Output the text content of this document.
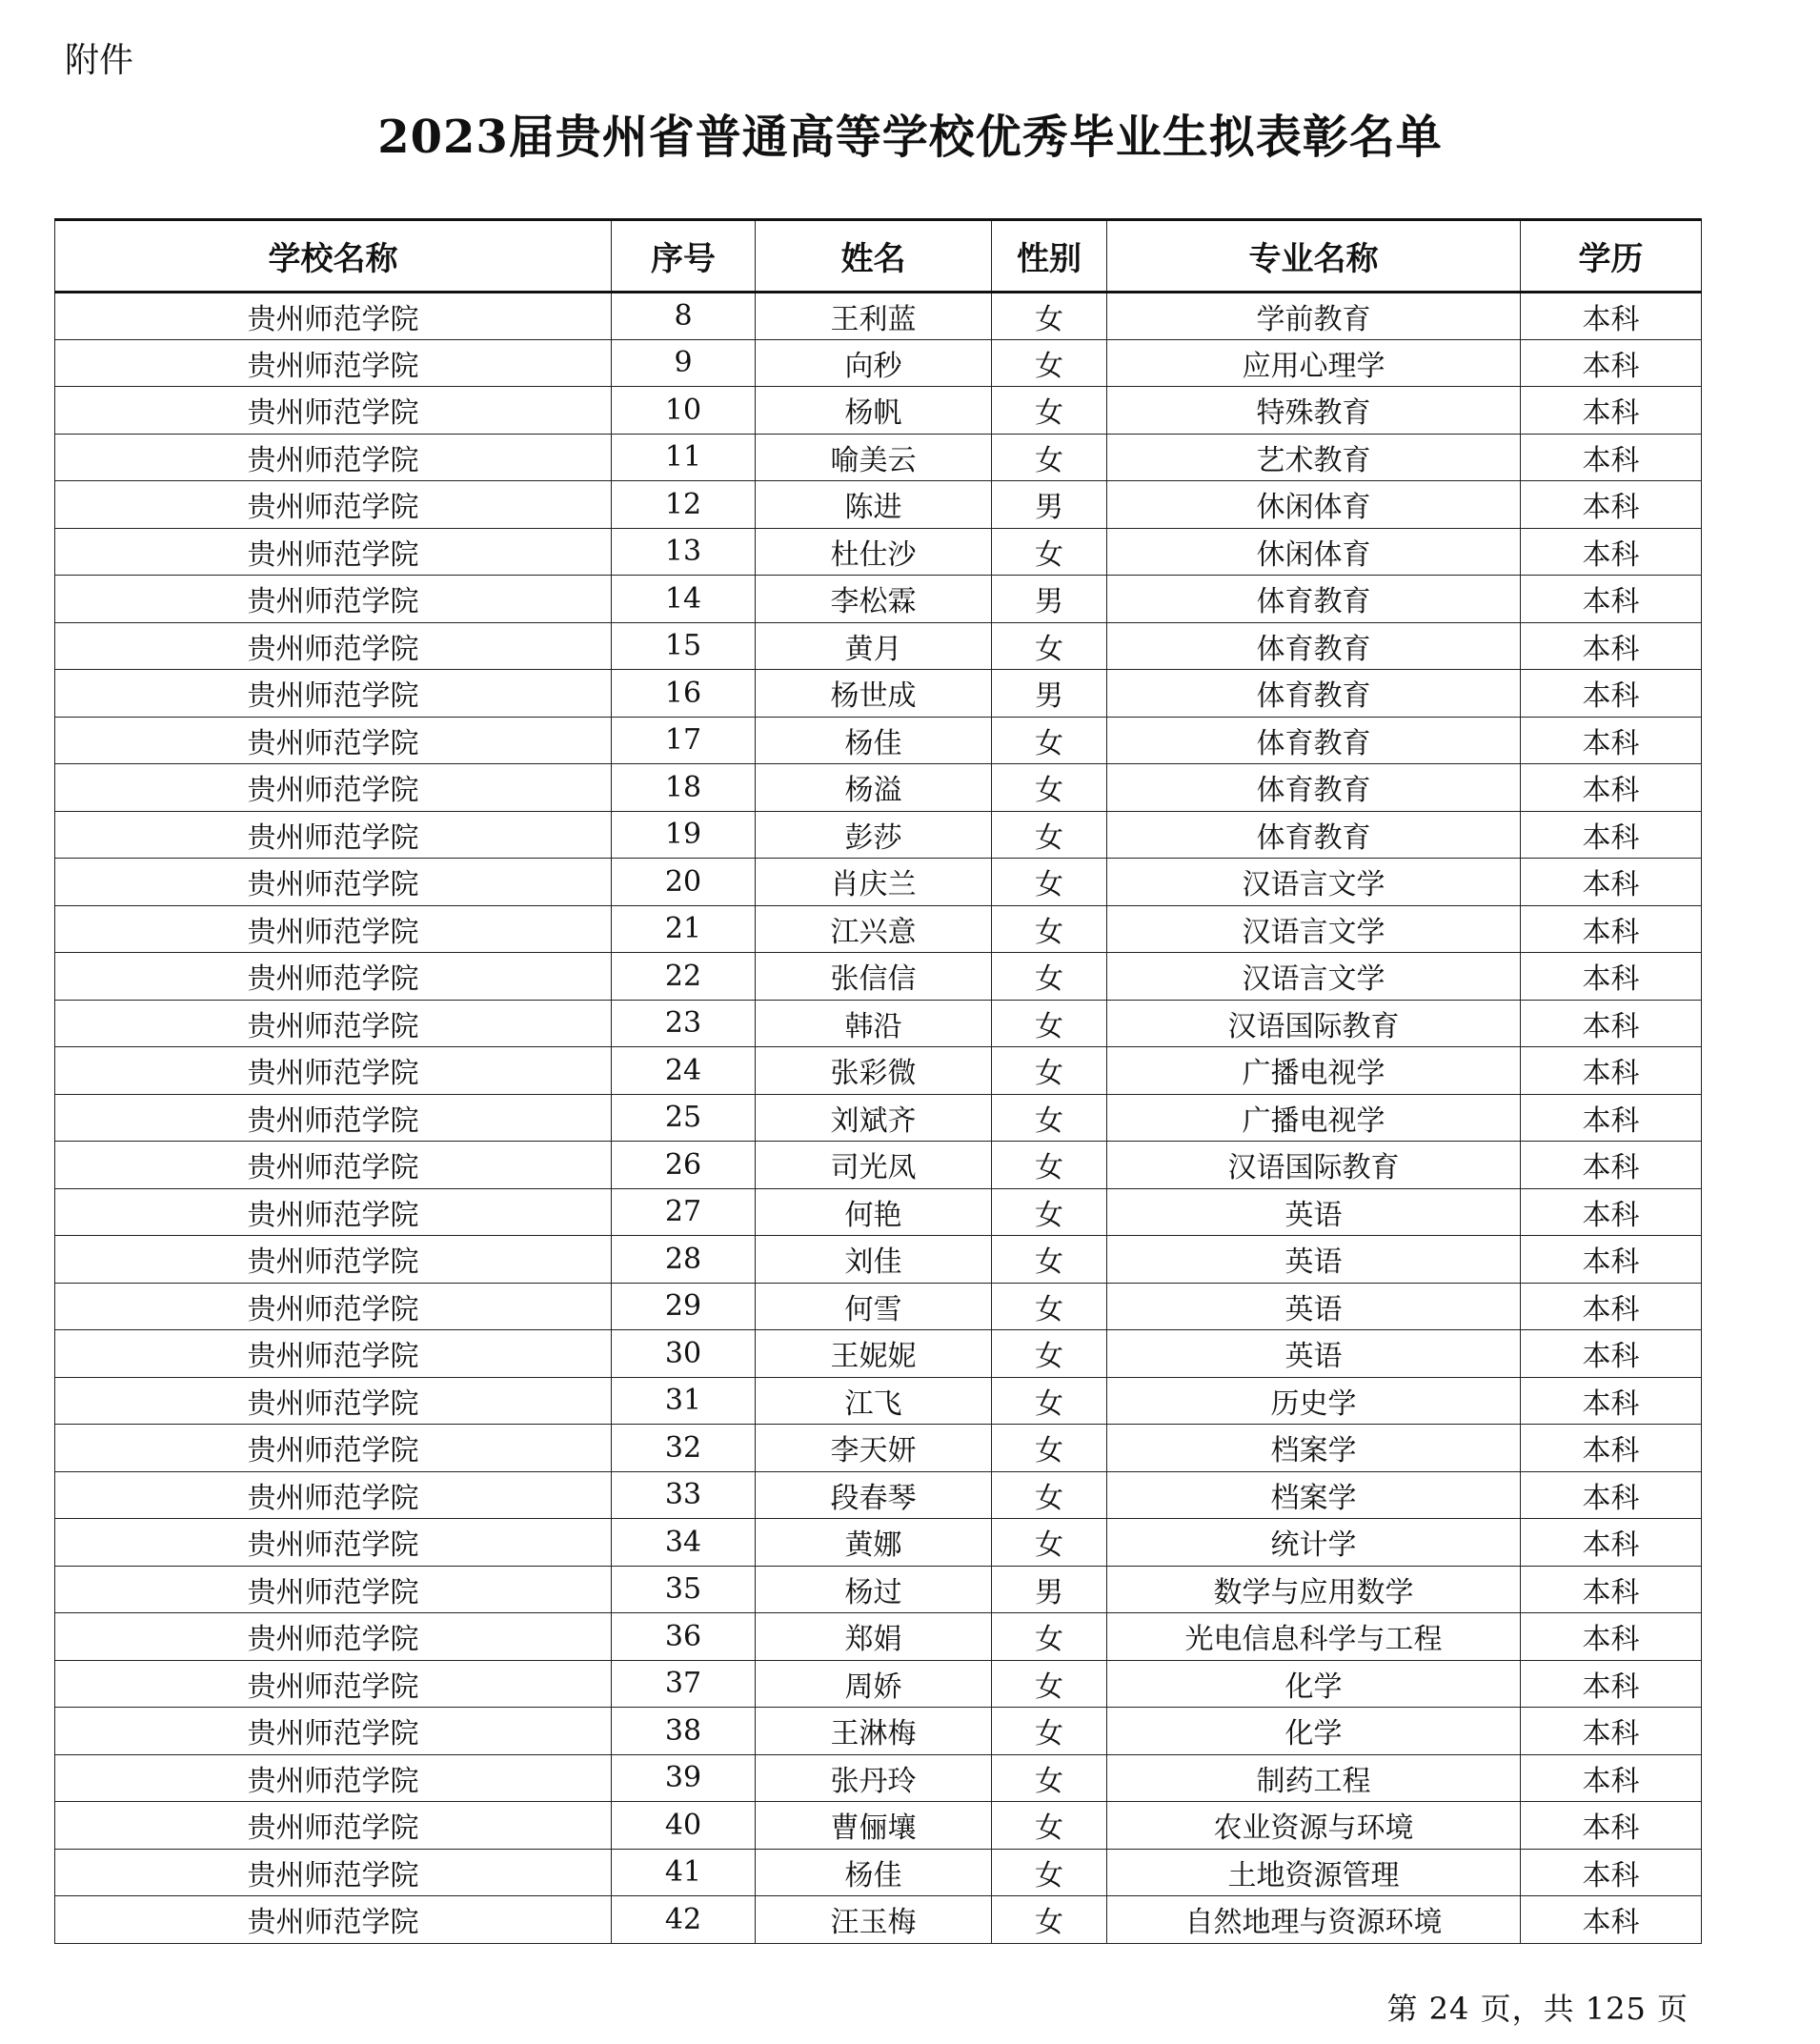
附件
2023届贵州省普通高等学校优秀毕业生拟表彰名单
学校名称	序号	姓名	性别	专业名称	学历
贵州师范学院	8	王利蓝	女	学前教育	本科
贵州师范学院	9	向秒	女	应用心理学	本科
贵州师范学院	10	杨帆	女	特殊教育	本科
贵州师范学院	11	喻美云	女	艺术教育	本科
贵州师范学院	12	陈进	男	休闲体育	本科
贵州师范学院	13	杜仕沙	女	休闲体育	本科
贵州师范学院	14	李松霖	男	体育教育	本科
贵州师范学院	15	黄月	女	体育教育	本科
贵州师范学院	16	杨世成	男	体育教育	本科
贵州师范学院	17	杨佳	女	体育教育	本科
贵州师范学院	18	杨溢	女	体育教育	本科
贵州师范学院	19	彭莎	女	体育教育	本科
贵州师范学院	20	肖庆兰	女	汉语言文学	本科
贵州师范学院	21	江兴意	女	汉语言文学	本科
贵州师范学院	22	张信信	女	汉语言文学	本科
贵州师范学院	23	韩沿	女	汉语国际教育	本科
贵州师范学院	24	张彩微	女	广播电视学	本科
贵州师范学院	25	刘斌齐	女	广播电视学	本科
贵州师范学院	26	司光凤	女	汉语国际教育	本科
贵州师范学院	27	何艳	女	英语	本科
贵州师范学院	28	刘佳	女	英语	本科
贵州师范学院	29	何雪	女	英语	本科
贵州师范学院	30	王妮妮	女	英语	本科
贵州师范学院	31	江飞	女	历史学	本科
贵州师范学院	32	李天妍	女	档案学	本科
贵州师范学院	33	段春琴	女	档案学	本科
贵州师范学院	34	黄娜	女	统计学	本科
贵州师范学院	35	杨过	男	数学与应用数学	本科
贵州师范学院	36	郑娟	女	光电信息科学与工程	本科
贵州师范学院	37	周娇	女	化学	本科
贵州师范学院	38	王淋梅	女	化学	本科
贵州师范学院	39	张丹玲	女	制药工程	本科
贵州师范学院	40	曹俪壤	女	农业资源与环境	本科
贵州师范学院	41	杨佳	女	土地资源管理	本科
贵州师范学院	42	汪玉梅	女	自然地理与资源环境	本科
第 24 页，共 125 页
